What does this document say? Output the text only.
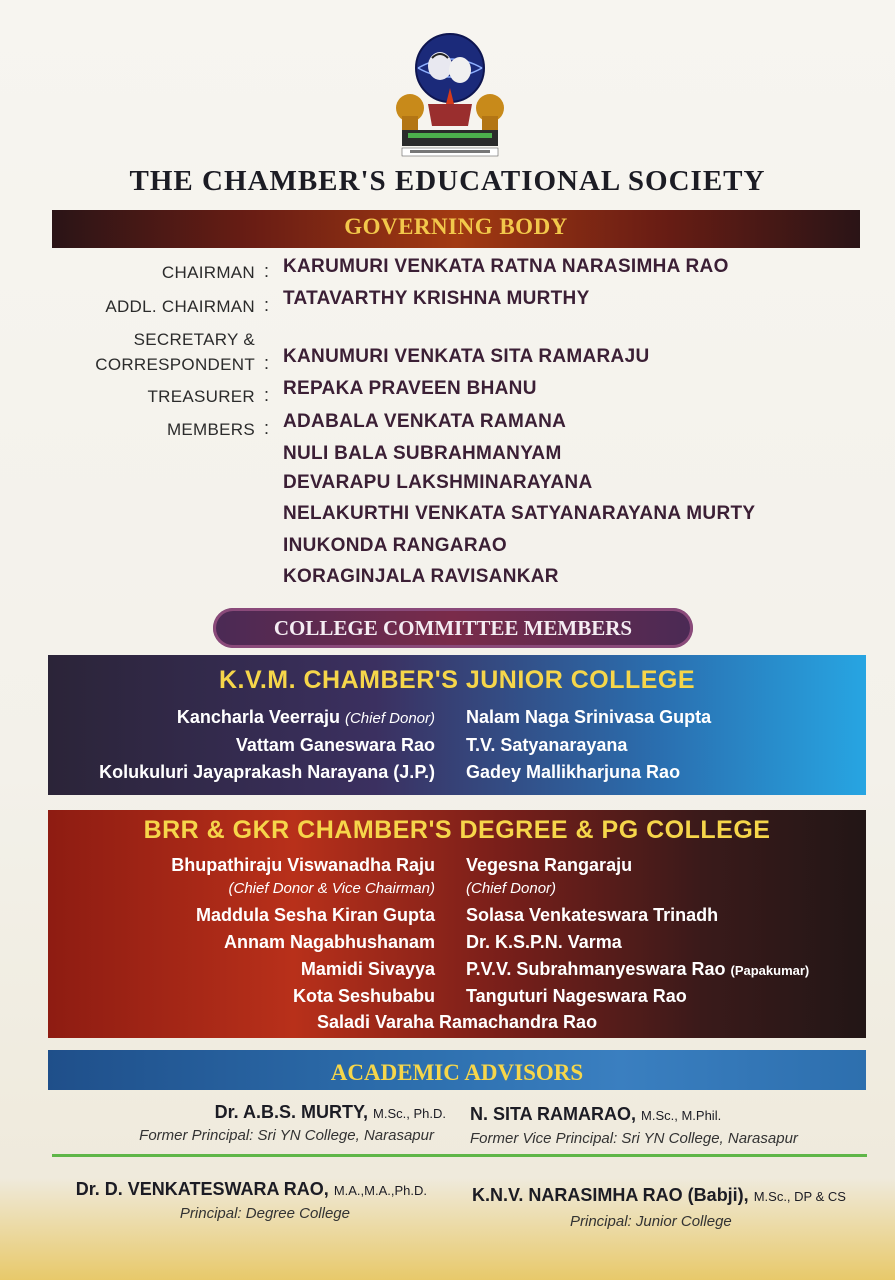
THE CHAMBER'S EDUCATIONAL SOCIETY
GOVERNING BODY
CHAIRMAN : KARUMURI VENKATA RATNA NARASIMHA RAO
ADDL. CHAIRMAN : TATAVARTHY KRISHNA MURTHY
SECRETARY &
CORRESPONDENT : KANUMURI VENKATA SITA RAMARAJU
TREASURER : REPAKA PRAVEEN BHANU
MEMBERS : ADABALA VENKATA RAMANA
NULI BALA SUBRAHMANYAM
DEVARAPU LAKSHMINARAYANA
NELAKURTHI VENKATA SATYANARAYANA MURTY
INUKONDA RANGARAO
KORAGINJALA RAVISANKAR
COLLEGE COMMITTEE MEMBERS
K.V.M. CHAMBER'S JUNIOR COLLEGE
Kancharla Veerraju (Chief Donor)
Vattam Ganeswara Rao
Kolukuluri Jayaprakash Narayana (J.P.)
Nalam Naga Srinivasa Gupta
T.V. Satyanarayana
Gadey Mallikharjuna Rao
BRR & GKR CHAMBER'S DEGREE & PG COLLEGE
Bhupathiraju Viswanadha Raju
(Chief Donor & Vice Chairman)
Maddula Sesha Kiran Gupta
Annam Nagabhushanam
Mamidi Sivayya
Kota Seshubabu
Vegesna Rangaraju
(Chief Donor)
Solasa Venkateswara Trinadh
Dr. K.S.P.N. Varma
P.V.V. Subrahmanyeswara Rao (Papakumar)
Tanguturi Nageswara Rao
Saladi Varaha Ramachandra Rao
ACADEMIC ADVISORS
Dr. A.B.S. MURTY, M.Sc., Ph.D.
Former Principal: Sri YN College, Narasapur
N. SITA RAMARAO, M.Sc., M.Phil.
Former Vice Principal: Sri YN College, Narasapur
Dr. D. VENKATESWARA RAO, M.A.,M.A.,Ph.D.
Principal: Degree College
K.N.V. NARASIMHA RAO (Babji), M.Sc., DP & CS
Principal: Junior College
